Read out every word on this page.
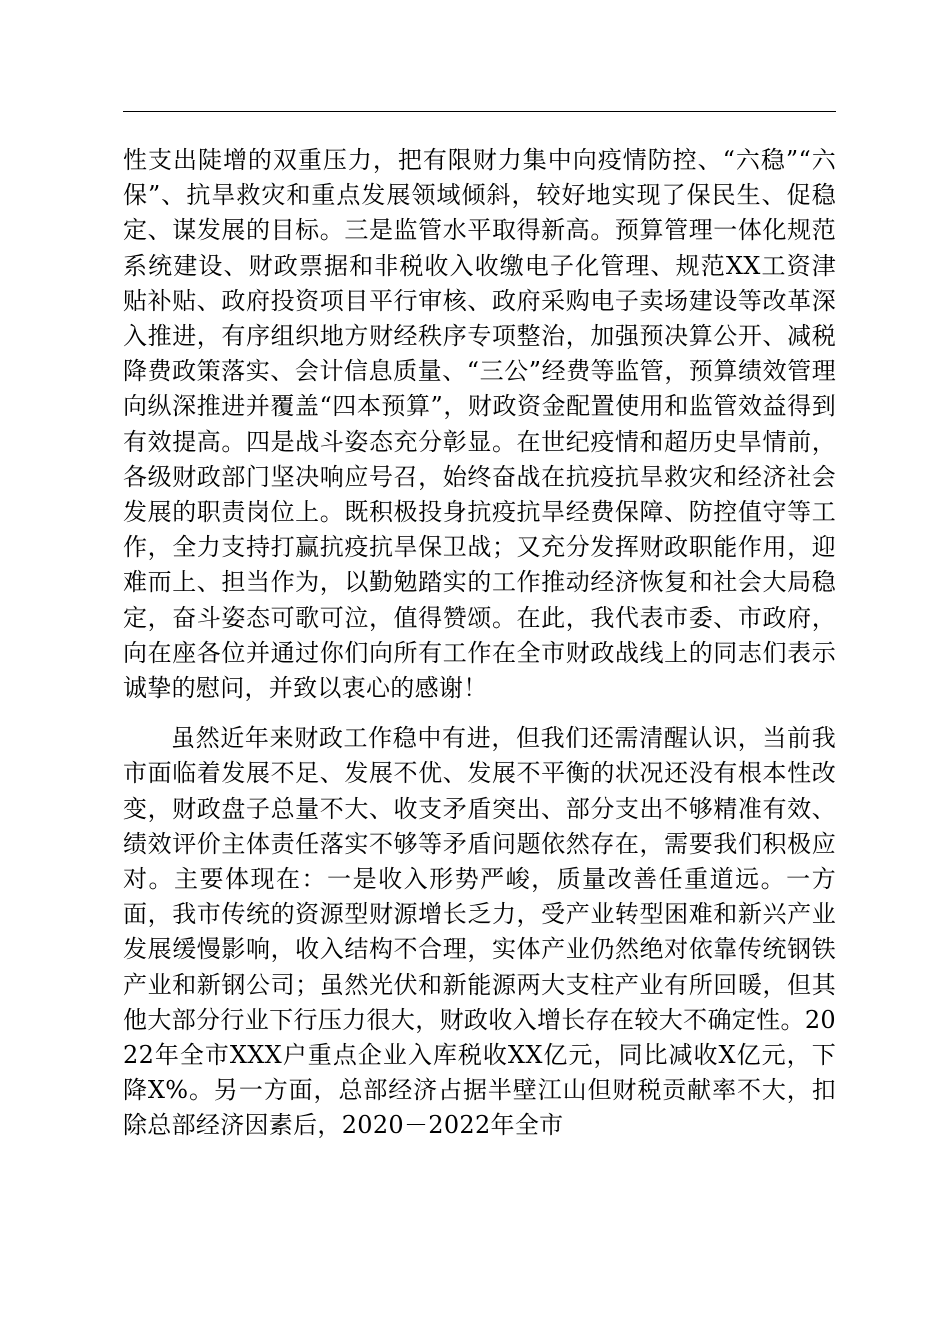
性支出陡增的双重压力，把有限财力集中向疫情防控、“六稳”“六保”、抗旱救灾和重点发展领域倾斜，较好地实现了保民生、促稳定、谋发展的目标。三是监管水平取得新高。预算管理一体化规范系统建设、财政票据和非税收入收缴电子化管理、规范XX工资津贴补贴、政府投资项目平行审核、政府采购电子卖场建设等改革深入推进，有序组织地方财经秩序专项整治，加强预决算公开、减税降费政策落实、会计信息质量、“三公”经费等监管，预算绩效管理向纵深推进并覆盖“四本预算”，财政资金配置使用和监管效益得到有效提高。四是战斗姿态充分彰显。在世纪疫情和超历史旱情前，各级财政部门坚决响应号召，始终奋战在抗疫抗旱救灾和经济社会发展的职责岗位上。既积极投身抗疫抗旱经费保障、防控值守等工作，全力支持打赢抗疫抗旱保卫战；又充分发挥财政职能作用，迎难而上、担当作为，以勤勉踏实的工作推动经济恢复和社会大局稳定，奋斗姿态可歌可泣，值得赞颂。在此，我代表市委、市政府，向在座各位并通过你们向所有工作在全市财政战线上的同志们表示诚挚的慰问，并致以衷心的感谢！

虽然近年来财政工作稳中有进，但我们还需清醒认识，当前我市面临着发展不足、发展不优、发展不平衡的状况还没有根本性改变，财政盘子总量不大、收支矛盾突出、部分支出不够精准有效、绩效评价主体责任落实不够等矛盾问题依然存在，需要我们积极应对。主要体现在：一是收入形势严峻，质量改善任重道远。一方面，我市传统的资源型财源增长乏力，受产业转型困难和新兴产业发展缓慢影响，收入结构不合理，实体产业仍然绝对依靠传统钢铁产业和新钢公司；虽然光伏和新能源两大支柱产业有所回暖，但其他大部分行业下行压力很大，财政收入增长存在较大不确定性。2022年全市XXX户重点企业入库税收XX亿元，同比减收X亿元，下降X%。另一方面，总部经济占据半壁江山但财税贡献率不大，扣除总部经济因素后，2020－2022年全市
